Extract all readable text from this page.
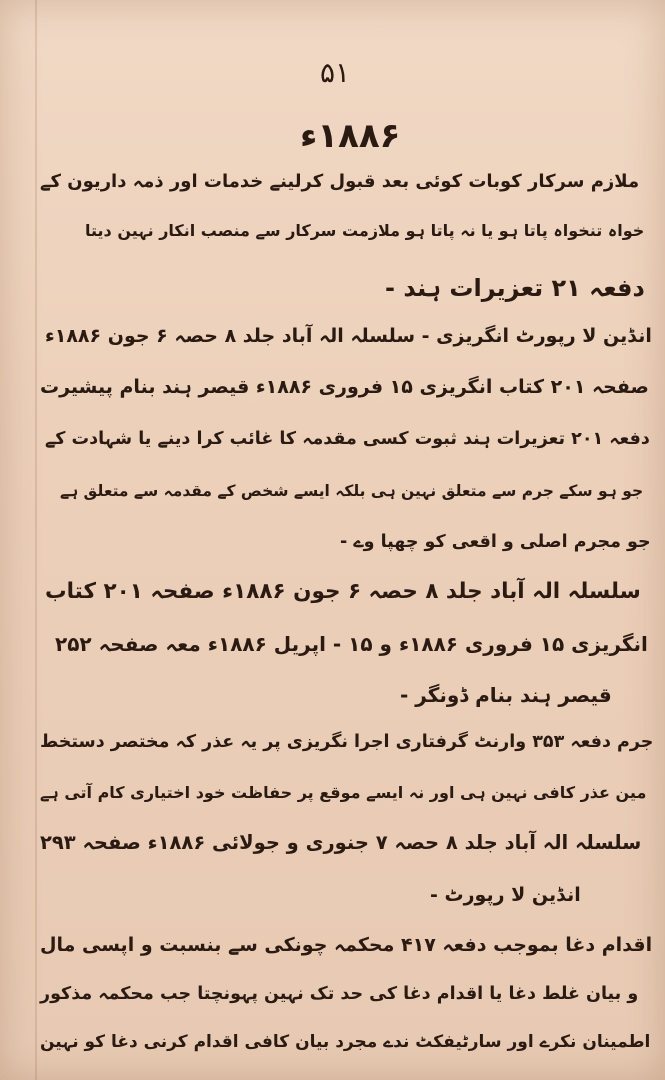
۵۱
۱۸۸۶ء
ملازم سرکار کوبات کوئی بعد قبول کرلینے خدمات اور ذمہ داریون کے
خواہ تنخواہ پاتا ہو یا نہ پاتا ہو ملازمت سرکار سے منصب انکار نہین دیتا
دفعہ ۲۱ تعزیرات ہند -
انڈین لا رپورٹ انگریزی - سلسلہ الہ آباد جلد ۸ حصہ ۶ جون ۱۸۸۶ء
صفحہ ۲۰۱ کتاب انگریزی ۱۵ فروری ۱۸۸۶ء قیصر ہند بنام پیشیرت
دفعہ ۲۰۱ تعزیرات ہند ثبوت کسی مقدمہ کا غائب کرا دینے یا شہادت کے
جو ہو سکے جرم سے متعلق نہین ہی بلکہ ایسے شخص کے مقدمہ سے متعلق ہے
جو مجرم اصلی و اقعی کو چھپا وے -
سلسلہ الہ آباد جلد ۸ حصہ ۶ جون ۱۸۸۶ء صفحہ ۲۰۱ کتاب
انگریزی ۱۵ فروری ۱۸۸۶ء و ۱۵ - اپریل ۱۸۸۶ء معہ صفحہ ۲۵۲
قیصر ہند بنام ڈونگر -
جرم دفعہ ۳۵۳ وارنٹ گرفتاری اجرا نگریزی پر یہ عذر کہ مختصر دستخط
مین عذر کافی نہین ہی اور نہ ایسے موقع پر حفاظت خود اختیاری کام آتی ہے
سلسلہ الہ آباد جلد ۸ حصہ ۷ جنوری و جولائی ۱۸۸۶ء صفحہ ۲۹۳
انڈین لا رپورٹ -
اقدام دغا بموجب دفعہ ۴۱۷ محکمہ چونکی سے بنسبت و اپسی مال
و بیان غلط دغا یا اقدام دغا کی حد تک نہین پہونچتا جب محکمہ مذکور
اطمینان نکرے اور سارٹیفکٹ ندے مجرد بیان کافی اقدام کرنی دغا کو نہین
